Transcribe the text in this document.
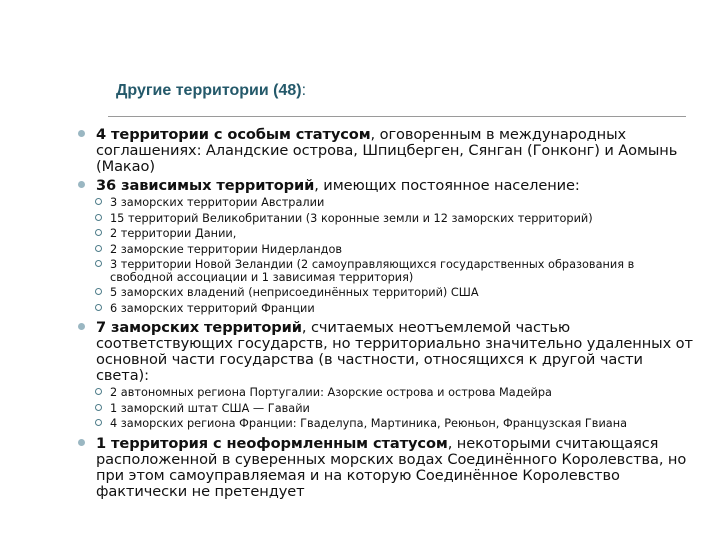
Другие территории (48):
4 территории с особым статусом, оговоренным в международных соглашениях: Аландские острова, Шпицберген, Сянган (Гонконг) и Аомынь (Макао)
36 зависимых территорий, имеющих постоянное население:
3 заморских территории Австралии
15 территорий Великобритании (3 коронные земли и 12 заморских территорий)
2 территории Дании,
2 заморские территории Нидерландов
3 территории Новой Зеландии (2 самоуправляющихся государственных образования в свободной ассоциации и 1 зависимая территория)
5 заморских владений (неприсоединённых территорий) США
6 заморских территорий Франции
7 заморских территорий, считаемых неотъемлемой частью соответствующих государств, но территориально значительно удаленных от основной части государства (в частности, относящихся к другой части света):
2 автономных региона Португалии: Азорские острова и острова Мадейра
1 заморский штат США — Гавайи
4 заморских региона Франции: Гваделупа, Мартиника, Реюньон, Французская Гвиана
1 территория с неоформленным статусом, некоторыми считающаяся расположенной в суверенных морских водах Соединённого Королевства, но при этом самоуправляемая и на которую Соединённое Королевство фактически не претендует
